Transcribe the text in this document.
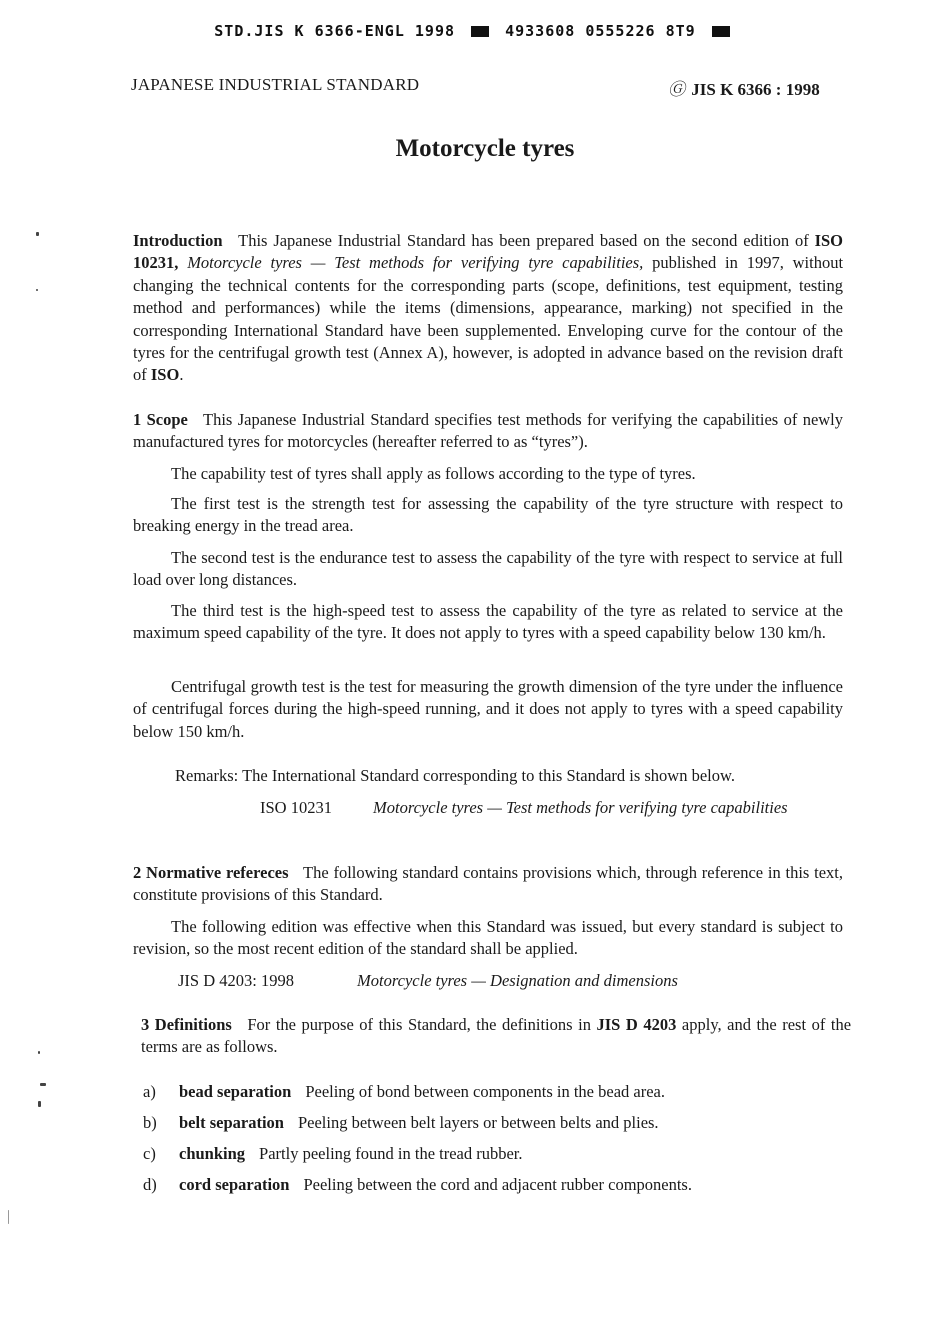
STD.JIS K 6366-ENGL 1998	4933608 0555226 8T9
JAPANESE INDUSTRIAL STANDARD	Ⓖ JIS K 6366 : 1998
Motorcycle tyres
Introduction This Japanese Industrial Standard has been prepared based on the second edition of ISO 10231, Motorcycle tyres — Test methods for verifying tyre capabilities, published in 1997, without changing the technical contents for the corresponding parts (scope, definitions, test equipment, testing method and performances) while the items (dimensions, appearance, marking) not specified in the corresponding International Standard have been supplemented. Enveloping curve for the contour of the tyres for the centrifugal growth test (Annex A), however, is adopted in advance based on the revision draft of ISO.
1 Scope This Japanese Industrial Standard specifies test methods for verifying the capabilities of newly manufactured tyres for motorcycles (hereafter referred to as “tyres”).
The capability test of tyres shall apply as follows according to the type of tyres.
The first test is the strength test for assessing the capability of the tyre structure with respect to breaking energy in the tread area.
The second test is the endurance test to assess the capability of the tyre with respect to service at full load over long distances.
The third test is the high-speed test to assess the capability of the tyre as related to service at the maximum speed capability of the tyre. It does not apply to tyres with a speed capability below 130 km/h.
Centrifugal growth test is the test for measuring the growth dimension of the tyre under the influence of centrifugal forces during the high-speed running, and it does not apply to tyres with a speed capability below 150 km/h.
Remarks: The International Standard corresponding to this Standard is shown below.
ISO 10231 Motorcycle tyres — Test methods for verifying tyre capabilities
2 Normative refereces The following standard contains provisions which, through reference in this text, constitute provisions of this Standard.
The following edition was effective when this Standard was issued, but every standard is subject to revision, so the most recent edition of the standard shall be applied.
JIS D 4203: 1998	Motorcycle tyres — Designation and dimensions
3 Definitions For the purpose of this Standard, the definitions in JIS D 4203 apply, and the rest of the terms are as follows.
a) bead separation Peeling of bond between components in the bead area.
b) belt separation Peeling between belt layers or between belts and plies.
c) chunking Partly peeling found in the tread rubber.
d) cord separation Peeling between the cord and adjacent rubber components.
